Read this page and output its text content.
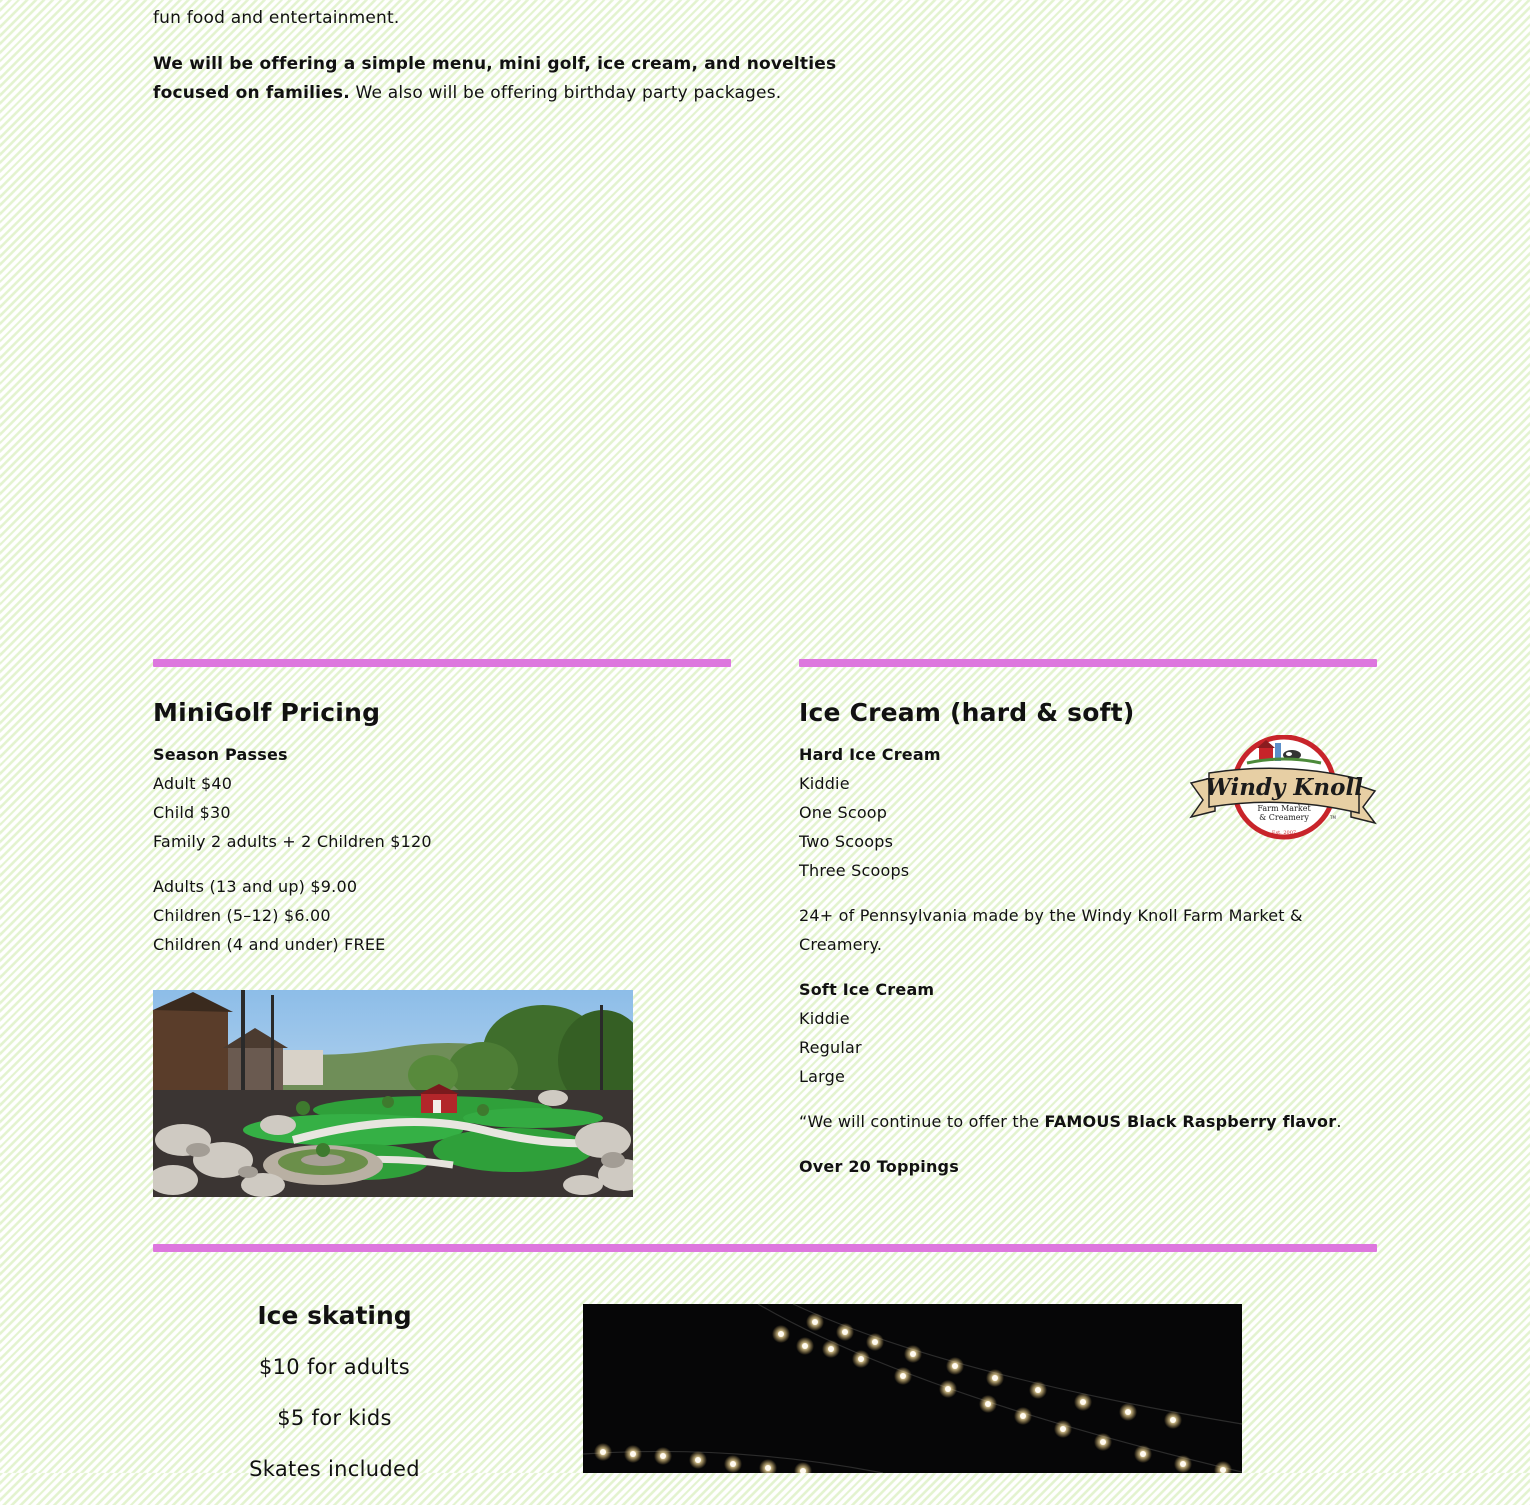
fun food and entertainment.
We will be offering a simple menu, mini golf, ice cream, and novelties focused on families. We also will be offering birthday party packages.
MiniGolf Pricing
Season Passes
Adult $40
Child $30
Family 2 adults + 2 Children $120
Adults (13 and up) $9.00
Children (5–12) $6.00
Children (4 and under) FREE
Ice Cream (hard & soft)
Hard Ice Cream
Kiddie
One Scoop
Two Scoops
Three Scoops
24+ of Pennsylvania made by the Windy Knoll Farm Market & Creamery.
Soft Ice Cream
Kiddie
Regular
Large
“We will continue to offer the FAMOUS Black Raspberry flavor.
Over 20 Toppings
Windy Knoll
Farm Market
& Creamery
Est. 2007
TM
Ice skating
$10 for adults
$5 for kids
Skates included
